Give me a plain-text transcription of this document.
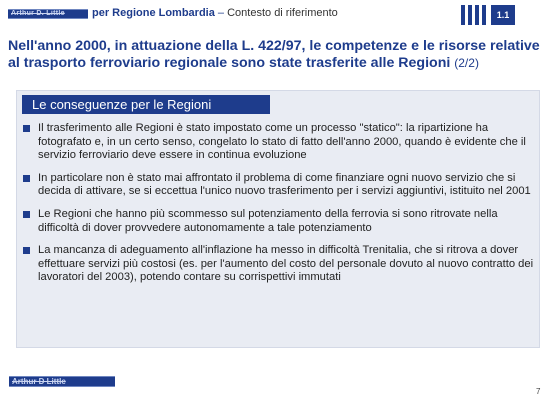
Arthur D. Little	per Regione Lombardia – Contesto di riferimento	1.1
Nell'anno 2000, in attuazione della L. 422/97, le competenze e le risorse relative al trasporto ferroviario regionale sono state trasferite alle Regioni (2/2)
Le conseguenze per le Regioni
Il trasferimento alle Regioni è stato impostato come un processo "statico": la ripartizione ha fotografato e, in un certo senso, congelato lo stato di fatto dell'anno 2000, quando è evidente che il servizio ferroviario deve essere in continua evoluzione
In particolare non è stato mai affrontato il problema di come finanziare ogni nuovo servizio che si decida di attivare, se si eccettua l'unico nuovo trasferimento per i servizi aggiuntivi, istituito nel 2001
Le Regioni che hanno più scommesso sul potenziamento della ferrovia si sono ritrovate nella difficoltà di dover provvedere autonomamente a tale potenziamento
La mancanza di adeguamento all'inflazione ha messo in difficoltà Trenitalia, che si ritrova a dover effettuare servizi più costosi (es. per l'aumento del costo del personale dovuto al nuovo contratto dei lavoratori del 2003), potendo contare su corrispettivi immutati
Arthur D Little
7
